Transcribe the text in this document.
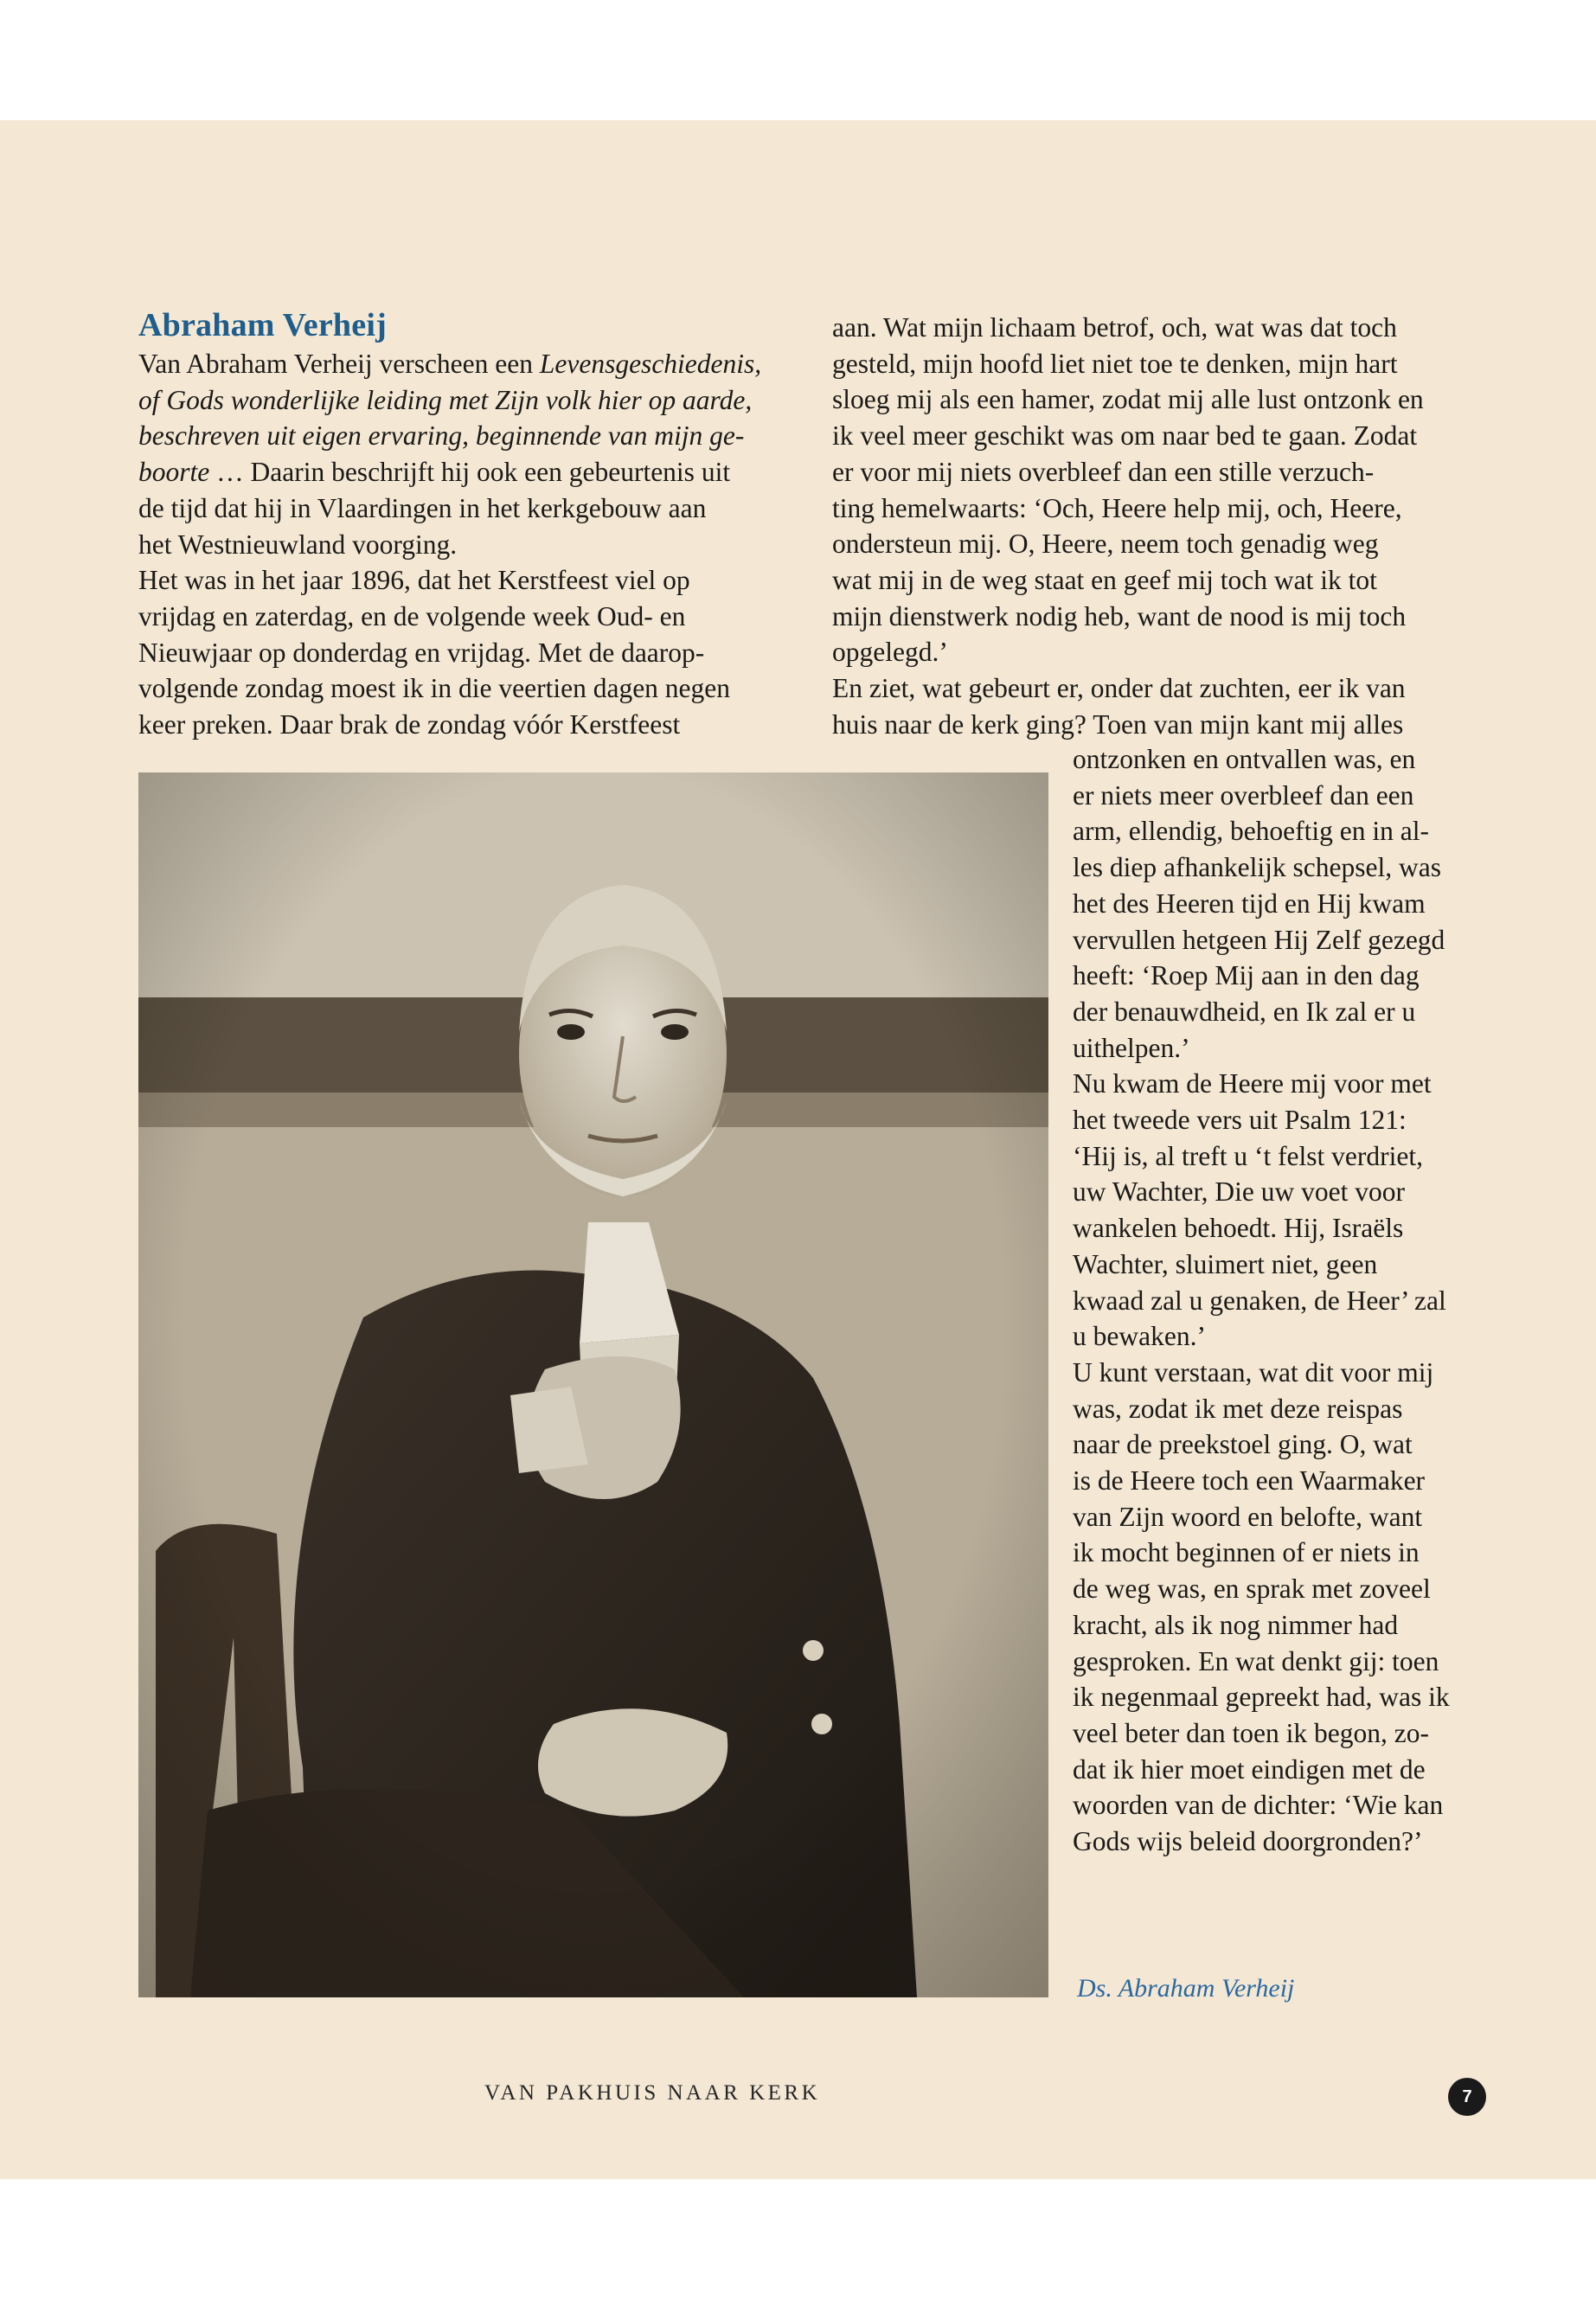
Abraham Verheij
Van Abraham Verheij verscheen een Levensgeschiedenis,
of Gods wonderlijke leiding met Zijn volk hier op aarde,
beschreven uit eigen ervaring, beginnende van mijn ge-
boorte … Daarin beschrijft hij ook een gebeurtenis uit
de tijd dat hij in Vlaardingen in het kerkgebouw aan
het Westnieuwland voorging.
Het was in het jaar 1896, dat het Kerstfeest viel op
vrijdag en zaterdag, en de volgende week Oud- en
Nieuwjaar op donderdag en vrijdag. Met de daarop-
volgende zondag moest ik in die veertien dagen negen
keer preken. Daar brak de zondag vóór Kerstfeest
aan. Wat mijn lichaam betrof, och, wat was dat toch
gesteld, mijn hoofd liet niet toe te denken, mijn hart
sloeg mij als een hamer, zodat mij alle lust ontzonk en
ik veel meer geschikt was om naar bed te gaan. Zodat
er voor mij niets overbleef dan een stille verzuch-
ting hemelwaarts: ‘Och, Heere help mij, och, Heere,
ondersteun mij. O, Heere, neem toch genadig weg
wat mij in de weg staat en geef mij toch wat ik tot
mijn dienstwerk nodig heb, want de nood is mij toch
opgelegd.’
En ziet, wat gebeurt er, onder dat zuchten, eer ik van
huis naar de kerk ging? Toen van mijn kant mij alles
ontzonken en ontvallen was, en
er niets meer overbleef dan een
arm, ellendig, behoeftig en in al-
les diep afhankelijk schepsel, was
het des Heeren tijd en Hij kwam
vervullen hetgeen Hij Zelf gezegd
heeft: ‘Roep Mij aan in den dag
der benauwdheid, en Ik zal er u
uithelpen.’
Nu kwam de Heere mij voor met
het tweede vers uit Psalm 121:
‘Hij is, al treft u ‘t felst verdriet,
uw Wachter, Die uw voet voor
wankelen behoedt. Hij, Israëls
Wachter, sluimert niet, geen
kwaad zal u genaken, de Heer’ zal
u bewaken.’
U kunt verstaan, wat dit voor mij
was, zodat ik met deze reispas
naar de preekstoel ging. O, wat
is de Heere toch een Waarmaker
van Zijn woord en belofte, want
ik mocht beginnen of er niets in
de weg was, en sprak met zoveel
kracht, als ik nog nimmer had
gesproken. En wat denkt gij: toen
ik negenmaal gepreekt had, was ik
veel beter dan toen ik begon, zo-
dat ik hier moet eindigen met de
woorden van de dichter: ‘Wie kan
Gods wijs beleid doorgronden?’

Ds. Abraham Verheij

VAN PAKHUIS NAAR KERK	7
